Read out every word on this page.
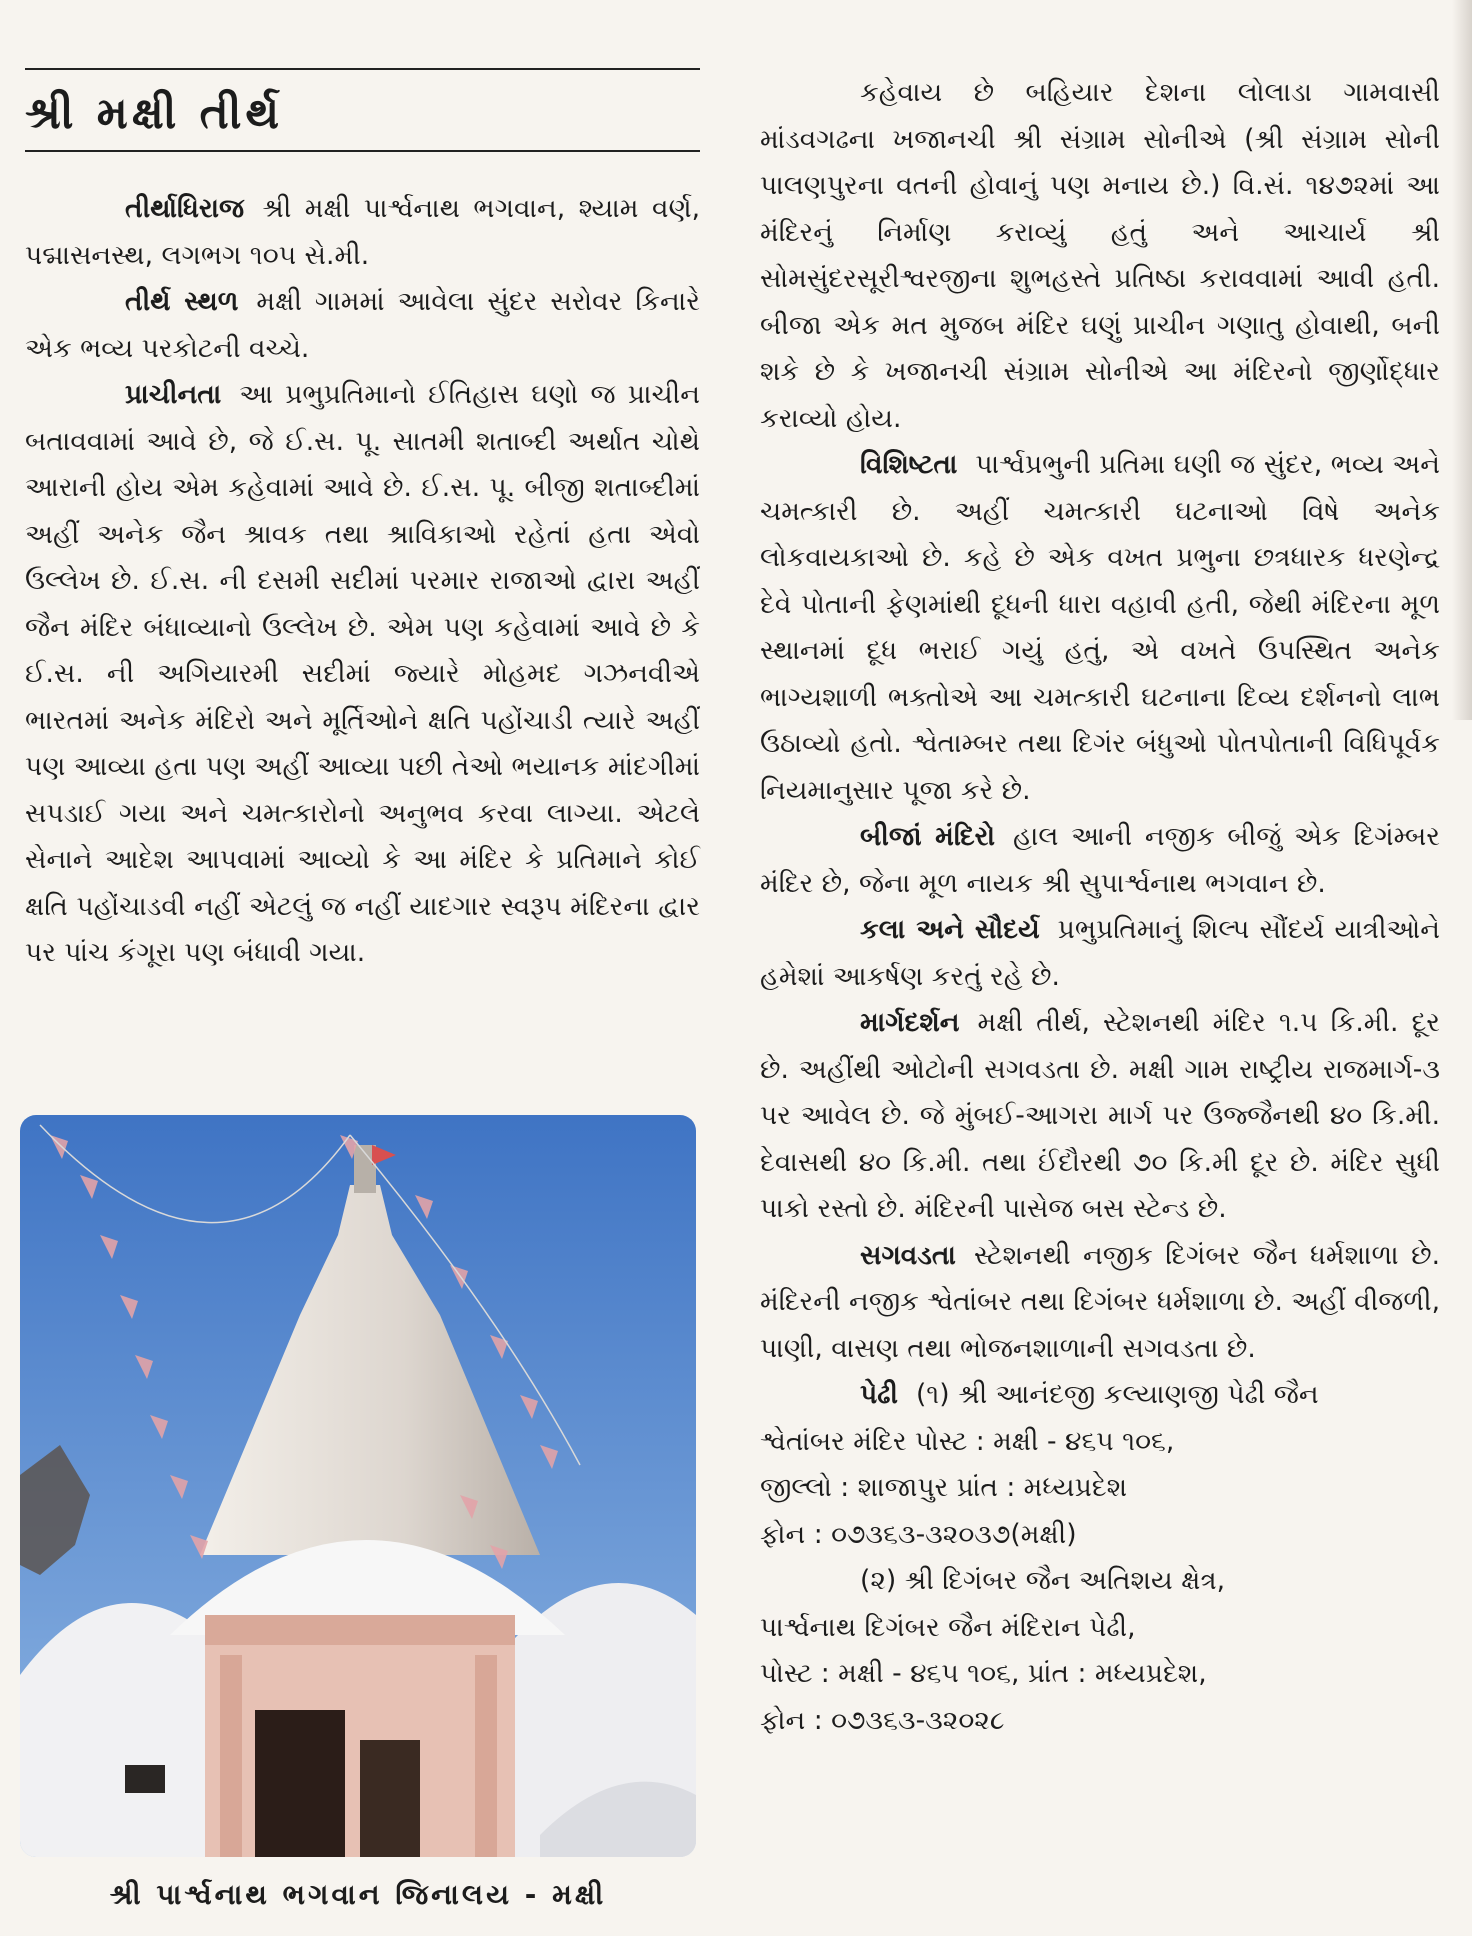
શ્રી મક્ષી તીર્થ

તીર્થાધિરાજ શ્રી મક્ષી પાર્શ્વનાથ ભગવાન, શ્યામ વર્ણ, પદ્માસનસ્થ, લગભગ ૧૦૫ સે.મી.

તીર્થ સ્થળ મક્ષી ગામમાં આવેલા સુંદર સરોવર કિનારે એક ભવ્ય પરકોટની વચ્ચે.

પ્રાચીનતા આ પ્રભુપ્રતિમાનો ઈતિહાસ ઘણો જ પ્રાચીન બતાવવામાં આવે છે, જે ઈ.સ. પૂ. સાતમી શતાબ્દી અર્થાત ચોથે આરાની હોય એમ કહેવામાં આવે છે. ઈ.સ. પૂ. બીજી શતાબ્દીમાં અહીં અનેક જૈન શ્રાવક તથા શ્રાવિકાઓ રહેતાં હતા એવો ઉલ્લેખ છે. ઈ.સ. ની દસમી સદીમાં પરમાર રાજાઓ દ્વારા અહીં જૈન મંદિર બંધાવ્યાનો ઉલ્લેખ છે. એમ પણ કહેવામાં આવે છે કે ઈ.સ. ની અગિયારમી સદીમાં જ્યારે મોહમદ ગઝનવીએ ભારતમાં અનેક મંદિરો અને મૂર્તિઓને ક્ષતિ પહોંચાડી ત્યારે અહીં પણ આવ્યા હતા પણ અહીં આવ્યા પછી તેઓ ભયાનક માંદગીમાં સપડાઈ ગયા અને ચમત્કારોનો અનુભવ કરવા લાગ્યા. એટલે સેનાને આદેશ આપવામાં આવ્યો કે આ મંદિર કે પ્રતિમાને કોઈ ક્ષતિ પહોંચાડવી નહીં એટલું જ નહીં યાદગાર સ્વરૂપ મંદિરના દ્વાર પર પાંચ કંગૂરા પણ બંધાવી ગયા.

શ્રી પાર્શ્વનાથ ભગવાન જિનાલય - મક્ષી

કહેવાય છે બહિયાર દેશના લોલાડા ગામવાસી માંડવગઢના ખજાનચી શ્રી સંગ્રામ સોનીએ (શ્રી સંગ્રામ સોની પાલણપુરના વતની હોવાનું પણ મનાય છે.) વિ.સં. ૧૪૭૨માં આ મંદિરનું નિર્માણ કરાવ્યું હતું અને આચાર્ય શ્રી સોમસુંદરસૂરીશ્વરજીના શુભહસ્તે પ્રતિષ્ઠા કરાવવામાં આવી હતી. બીજા એક મત મુજબ મંદિર ઘણું પ્રાચીન ગણાતુ હોવાથી, બની શકે છે કે ખજાનચી સંગ્રામ સોનીએ આ મંદિરનો જીર્ણોદ્ધાર કરાવ્યો હોય.

વિશિષ્ટતા પાર્શ્વપ્રભુની પ્રતિમા ઘણી જ સુંદર, ભવ્ય અને ચમત્કારી છે. અહીં ચમત્કારી ઘટનાઓ વિષે અનેક લોકવાયકાઓ છે. કહે છે એક વખત પ્રભુના છત્રધારક ધરણેન્દ્ર દેવે પોતાની ફેણમાંથી દૂધની ધારા વહાવી હતી, જેથી મંદિરના મૂળ સ્થાનમાં દૂધ ભરાઈ ગયું હતું, એ વખતે ઉપસ્થિત અનેક ભાગ્યશાળી ભક્તોએ આ ચમત્કારી ઘટનાના દિવ્ય દર્શનનો લાભ ઉઠાવ્યો હતો. શ્વેતામ્બર તથા દિગંર બંધુઓ પોતપોતાની વિધિપૂર્વક નિયમાનુસાર પૂજા કરે છે.

બીજાં મંદિરો હાલ આની નજીક બીજું એક દિગંમ્બર મંદિર છે, જેના મૂળ નાયક શ્રી સુપાર્શ્વનાથ ભગવાન છે.

કલા અને સૌદર્ય પ્રભુપ્રતિમાનું શિલ્પ સૌંદર્ય યાત્રીઓને હમેશાં આકર્ષણ કરતું રહે છે.

માર્ગદર્શન મક્ષી તીર્થ, સ્ટેશનથી મંદિર ૧.૫ કિ.મી. દૂર છે. અહીંથી ઓટોની સગવડતા છે. મક્ષી ગામ રાષ્ટ્રીય રાજમાર્ગ-૩ પર આવેલ છે. જે મુંબઈ-આગરા માર્ગ પર ઉજ્જૈનથી ૪૦ કિ.મી. દેવાસથી ૪૦ કિ.મી. તથા ઈંદૌરથી ૭૦ કિ.મી દૂર છે. મંદિર સુધી પાકો રસ્તો છે. મંદિરની પાસેજ બસ સ્ટેન્ડ છે.

સગવડતા સ્ટેશનથી નજીક દિગંબર જૈન ધર્મશાળા છે. મંદિરની નજીક શ્વેતાંબર તથા દિગંબર ધર્મશાળા છે. અહીં વીજળી, પાણી, વાસણ તથા ભોજનશાળાની સગવડતા છે.

પેઢી (૧) શ્રી આનંદજી કલ્યાણજી પેઢી જૈન

શ્વેતાંબર મંદિર પોસ્ટ : મક્ષી - ૪૬૫ ૧૦૬,

જીલ્લો : શાજાપુર પ્રાંત : મધ્યપ્રદેશ

ફોન : ૦૭૩૬૩-૩૨૦૩૭(મક્ષી)

(૨) શ્રી દિગંબર જૈન અતિશય ક્ષેત્ર,

પાર્શ્વનાથ દિગંબર જૈન મંદિરાન પેઢી,

પોસ્ટ : મક્ષી - ૪૬૫ ૧૦૬, પ્રાંત : મધ્યપ્રદેશ,

ફોન : ૦૭૩૬૩-૩૨૦૨૮
